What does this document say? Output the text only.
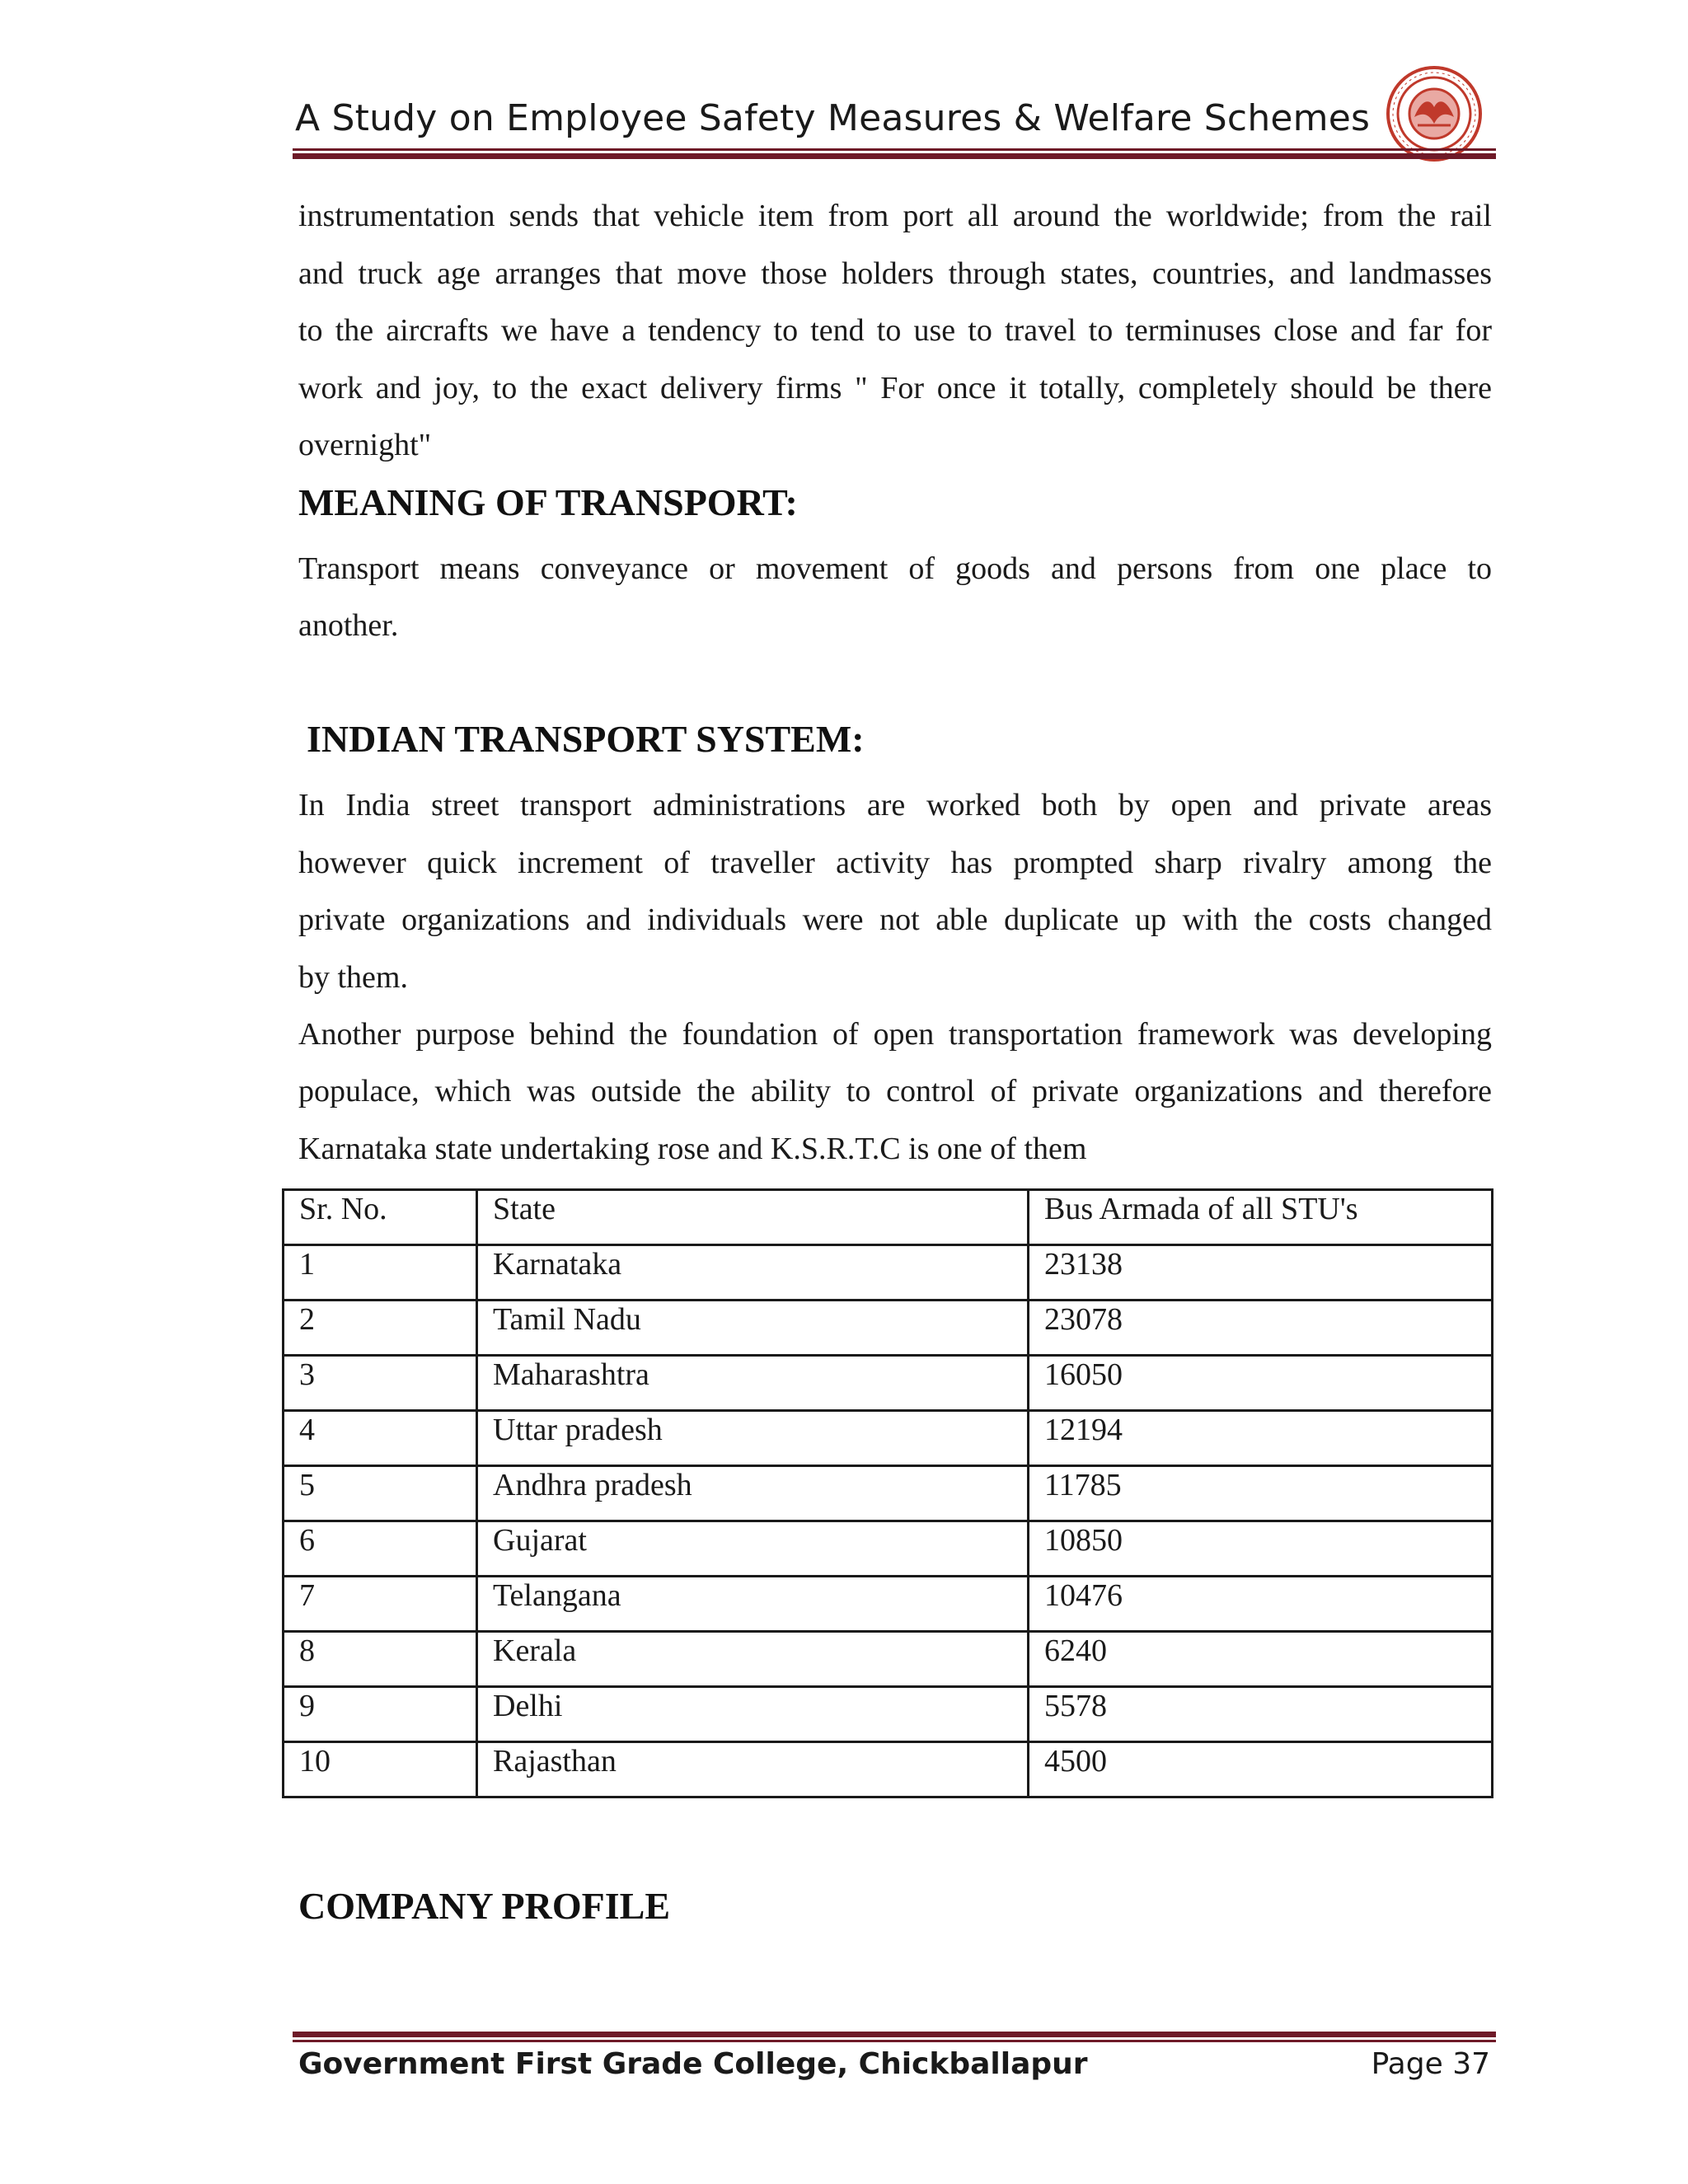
A Study on Employee Safety Measures & Welfare Schemes
instrumentation sends that vehicle item from port all around the worldwide; from the rail
and truck age arranges that move those holders through states, countries, and landmasses
to the aircrafts we have a tendency to tend to use to travel to terminuses close and far for
work and joy, to the exact delivery firms " For once it totally, completely should be there
overnight"
MEANING OF TRANSPORT:
Transport means conveyance or movement of goods and persons from one place to
another.
INDIAN TRANSPORT SYSTEM:
In India street transport administrations are worked both by open and private areas
however quick increment of traveller activity has prompted sharp rivalry among the
private organizations and individuals were not able duplicate up with the costs changed
by them.
Another purpose behind the foundation of open transportation framework was developing
populace, which was outside the ability to control of private organizations and therefore
Karnataka state undertaking rose and K.S.R.T.C is one of them
Sr. No.	State	Bus Armada of all STU's
1	Karnataka	23138
2	Tamil Nadu	23078
3	Maharashtra	16050
4	Uttar pradesh	12194
5	Andhra pradesh	11785
6	Gujarat	10850
7	Telangana	10476
8	Kerala	6240
9	Delhi	5578
10	Rajasthan	4500
COMPANY PROFILE
Government First Grade College, Chickballapur	Page 37
